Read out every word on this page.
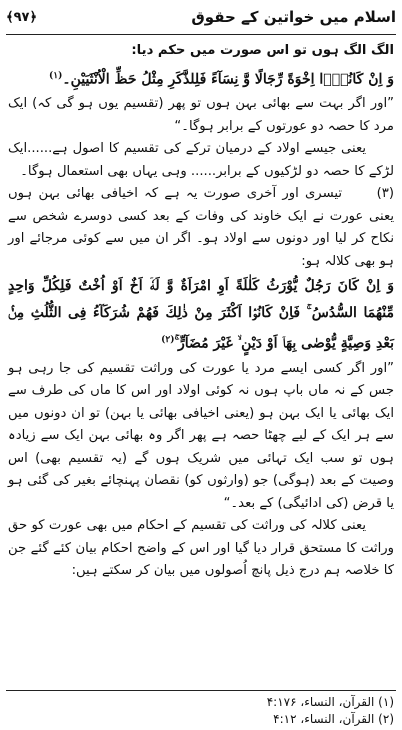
اسلام میں خواتین کے حقوق
﴿۹۷﴾

الگ الگ ہوں تو اس صورت میں حکم دیا:

وَ اِنْ كَانُوْۤا اِخْوَةً رِّجَالًا وَّ نِسَآءً فَلِلذَّكَرِ مِثْلُ حَظِّ الْاُنْثَیَیْنِ۔$^{(۱)}$

”اور اگر بہت سے بھائی بہن ہوں تو پھر (تقسیم یوں ہو گی کہ) ایک مرد کا حصہ دو عورتوں کے برابر ہوگا۔“

یعنی جیسے اولاد کے درمیان ترکے کی تقسیم کا اصول ہے......ایک لڑکے کا حصہ دو لڑکیوں کے برابر...... وہی یہاں بھی استعمال ہوگا۔

(۳)تیسری اور آخری صورت یہ ہے کہ اخیافی بھائی بہن ہوں یعنی عورت نے ایک خاوند کی وفات کے بعد کسی دوسرے شخص سے نکاح کر لیا اور دونوں سے اولاد ہو۔ اگر ان میں سے کوئی مرجائے اور ہو بھی کلالہ ہو:

وَ اِنْ كَانَ رَجُلٌ یُّوْرَثُ كَلٰلَةً اَوِ امْرَاَةٌ وَّ لَهٗۤ اَخٌ اَوْ اُخْتٌ فَلِكُلِّ وَاحِدٍ مِّنْهُمَا السُّدُسُ ۚ فَاِنْ كَانُوْۤا اَكْثَرَ مِنْ ذٰلِكَ فَهُمْ شُرَكَآءُ فِی الثُّلُثِ مِنْۢ بَعْدِ وَصِیَّةٍ یُّوْصٰی بِهَاۤ اَوْ دَیْنٍ ۙ غَیْرَ مُضَآرٍّ ۚ$^{(۲)}$

”اور اگر کسی ایسے مرد یا عورت کی وراثت تقسیم کی جا رہی ہو جس کے نہ ماں باپ ہوں نہ کوئی اولاد اور اس کا ماں کی طرف سے ایک بھائی یا ایک بہن ہو (یعنی اخیافی بھائی یا بہن) تو ان دونوں میں سے ہر ایک کے لیے چھٹا حصہ ہے پھر اگر وہ بھائی بہن ایک سے زیادہ ہوں تو سب ایک تہائی میں شریک ہوں گے (یہ تقسیم بھی) اس وصیت کے بعد (ہوگی) جو (وارثوں کو) نقصان پہنچائے بغیر کی گئی ہو یا قرض (کی ادائیگی) کے بعد۔“

یعنی کلالہ کی وراثت کی تقسیم کے احکام میں بھی عورت کو حق وراثت کا مستحق قرار دیا گیا اور اس کے واضح احکام بیان کئے گئے جن کا خلاصہ ہم درج ذیل پانچ اُصولوں میں بیان کر سکتے ہیں:

(۱) القرآن، النساء، ۴:۱۷۶
(۲) القرآن، النساء، ۴:۱۲
